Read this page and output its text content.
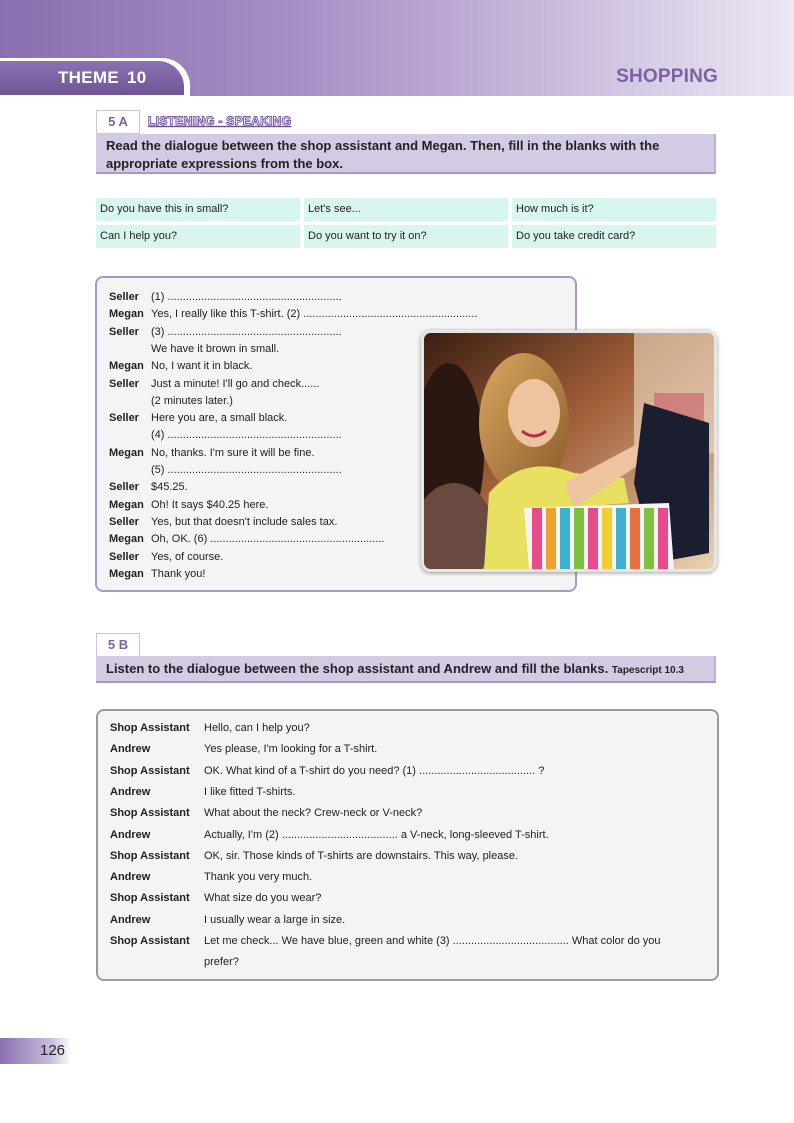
THEME 10	SHOPPING
5 A	LISTENING - SPEAKING
Read the dialogue between the shop assistant and Megan. Then, fill in the blanks with the appropriate expressions from the box.
Do you have this in small?	Let's see...	How much is it?
Can I help you?	Do you want to try it on?	Do you take credit card?
Seller (1) .........................................................
Megan Yes, I really like this T-shirt. (2) .........................................................
Seller (3) .........................................................
We have it brown in small.
Megan No, I want it in black.
Seller Just a minute! I'll go and check......
(2 minutes later.)
Seller Here you are, a small black.
(4) .........................................................
Megan No, thanks. I'm sure it will be fine.
(5) .........................................................
Seller $45.25.
Megan Oh! It says $40.25 here.
Seller Yes, but that doesn't include sales tax.
Megan Oh, OK. (6) .........................................................
Seller Yes, of course.
Megan Thank you!
5 B
Listen to the dialogue between the shop assistant and Andrew and fill the blanks. Tapescript 10.3
Shop Assistant Hello, can I help you?
Andrew	Yes please, I'm looking for a T-shirt.
Shop Assistant OK. What kind of a T-shirt do you need? (1) ...................................... ?
Andrew	I like fitted T-shirts.
Shop Assistant What about the neck? Crew-neck or V-neck?
Andrew	Actually, I'm (2) ...................................... a V-neck, long-sleeved T-shirt.
Shop Assistant OK, sir. Those kinds of T-shirts are downstairs. This way, please.
Andrew	Thank you very much.
Shop Assistant What size do you wear?
Andrew	I usually wear a large in size.
Shop Assistant Let me check... We have blue, green and white (3) ...................................... What color do you
prefer?
126
